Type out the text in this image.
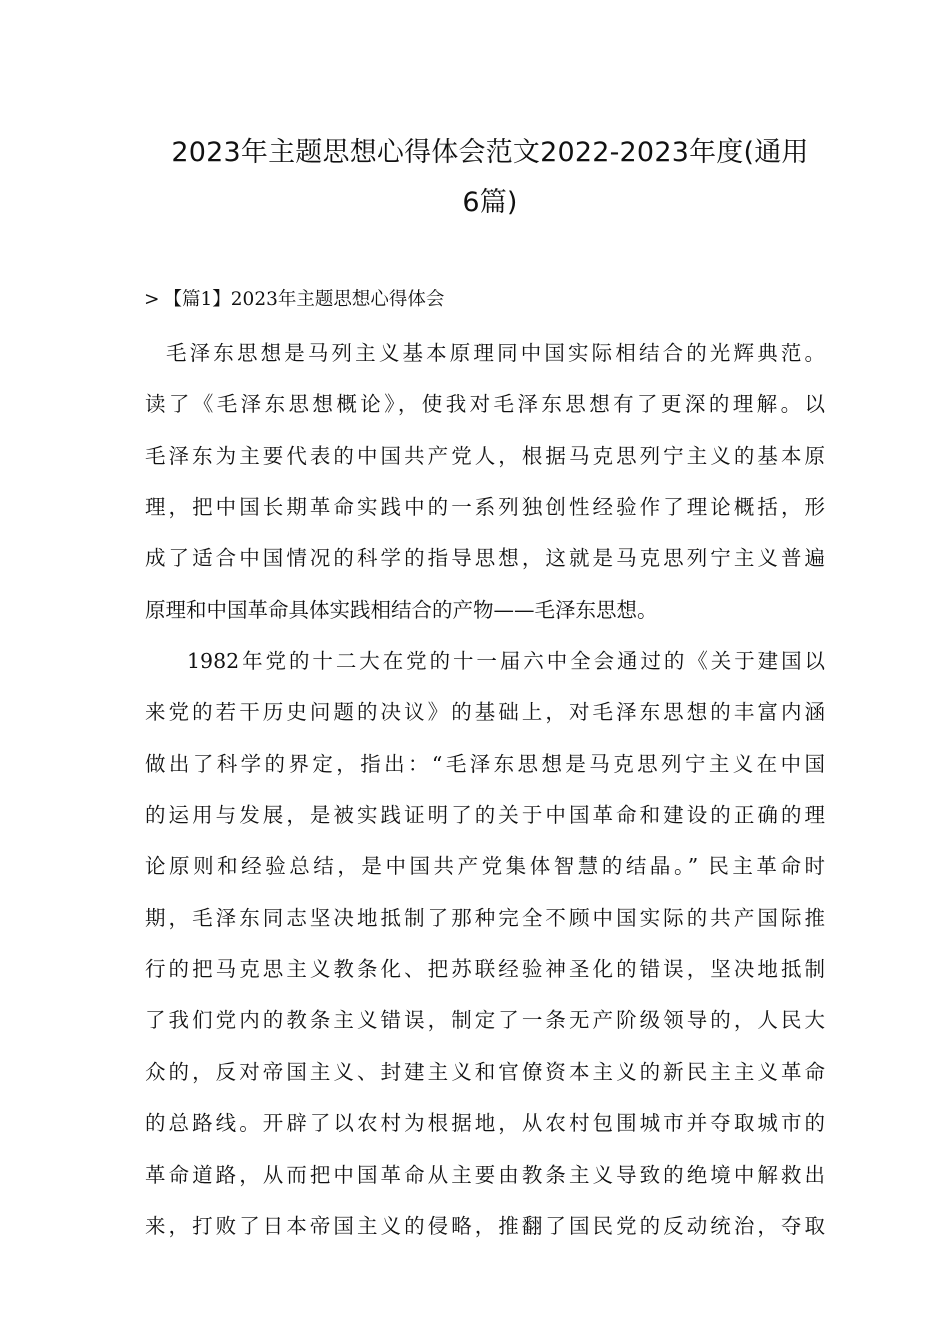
2023年主题思想心得体会范文2022-2023年度(通用
6篇)
> 【篇1】2023年主题思想心得体会
毛泽东思想是马列主义基本原理同中国实际相结合的光辉典范。
读了《毛泽东思想概论》，使我对毛泽东思想有了更深的理解。以
毛泽东为主要代表的中国共产党人，根据马克思列宁主义的基本原
理，把中国长期革命实践中的一系列独创性经验作了理论概括，形
成了适合中国情况的科学的指导思想，这就是马克思列宁主义普遍
原理和中国革命具体实践相结合的产物——毛泽东思想。
1982年党的十二大在党的十一届六中全会通过的《关于建国以
来党的若干历史问题的决议》的基础上，对毛泽东思想的丰富内涵
做出了科学的界定，指出：“毛泽东思想是马克思列宁主义在中国
的运用与发展，是被实践证明了的关于中国革命和建设的正确的理
论原则和经验总结，是中国共产党集体智慧的结晶。” 民主革命时
期，毛泽东同志坚决地抵制了那种完全不顾中国实际的共产国际推
行的把马克思主义教条化、把苏联经验神圣化的错误，坚决地抵制
了我们党内的教条主义错误，制定了一条无产阶级领导的，人民大
众的，反对帝国主义、封建主义和官僚资本主义的新民主主义革命
的总路线。开辟了以农村为根据地，从农村包围城市并夺取城市的
革命道路，从而把中国革命从主要由教条主义导致的绝境中解救出
来，打败了日本帝国主义的侵略，推翻了国民党的反动统治，夺取
